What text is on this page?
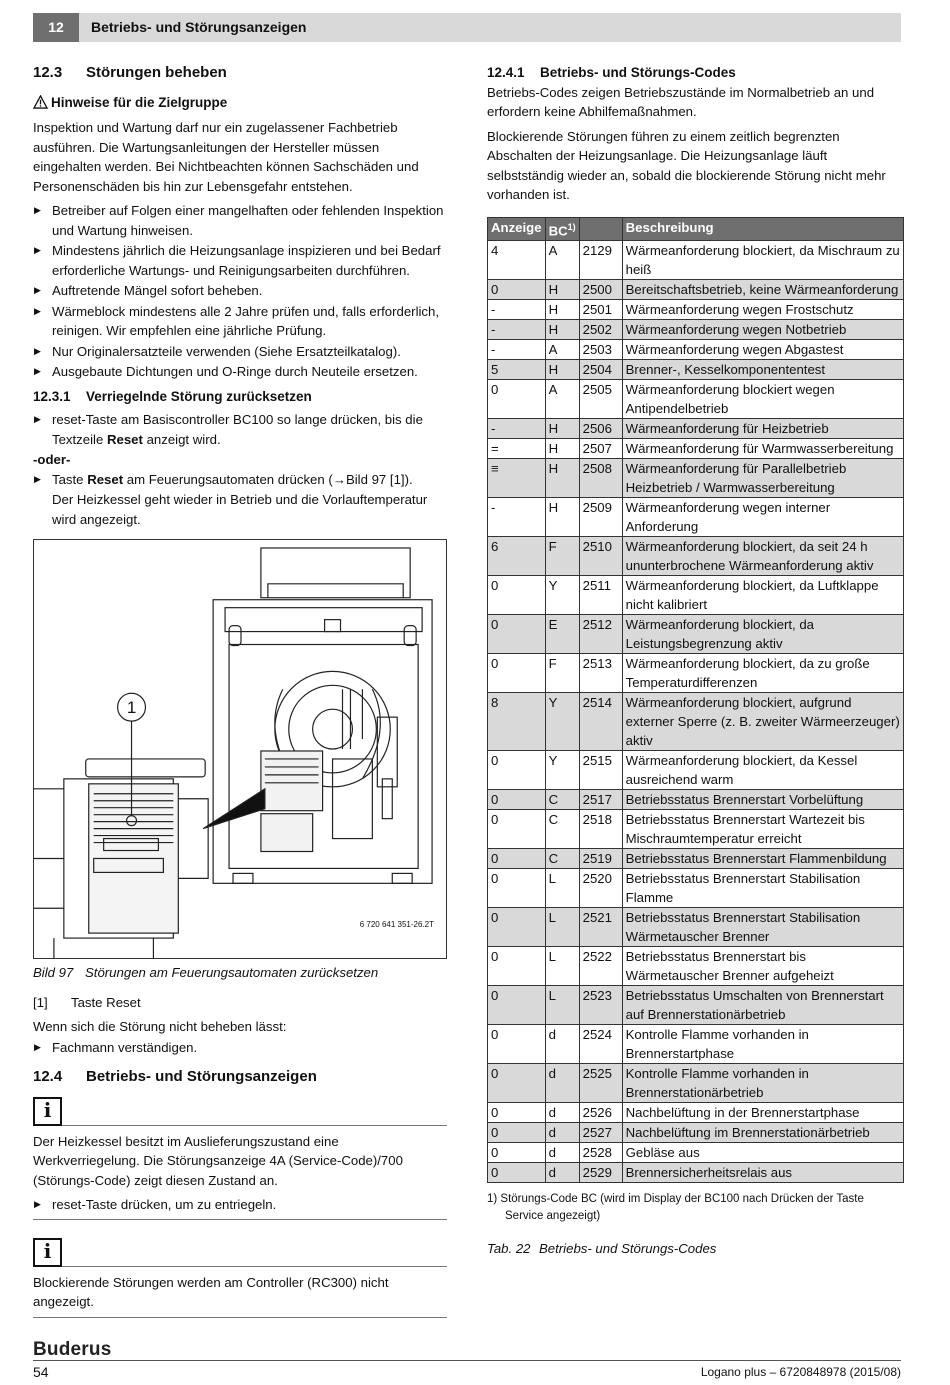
12	Betriebs- und Störungsanzeigen
12.3 Störungen beheben
Hinweise für die Zielgruppe

Inspektion und Wartung darf nur ein zugelassener Fachbetrieb ausführen. Die Wartungsanleitungen der Hersteller müssen eingehalten werden. Bei Nichtbeachten können Sachschäden und Personenschäden bis hin zur Lebensgefahr entstehen.

▶ Betreiber auf Folgen einer mangelhaften oder fehlenden Inspektion und Wartung hinweisen.
▶ Mindestens jährlich die Heizungsanlage inspizieren und bei Bedarf erforderliche Wartungs- und Reinigungsarbeiten durchführen.
▶ Auftretende Mängel sofort beheben.
▶ Wärmeblock mindestens alle 2 Jahre prüfen und, falls erforderlich, reinigen. Wir empfehlen eine jährliche Prüfung.
▶ Nur Originalersatzteile verwenden (Siehe Ersatzteilkatalog).
▶ Ausgebaute Dichtungen und O-Ringe durch Neuteile ersetzen.
12.3.1 Verriegelnde Störung zurücksetzen
▶ reset-Taste am Basiscontroller BC100 so lange drücken, bis die Textzeile Reset anzeigt wird.
-oder-
▶ Taste Reset am Feuerungsautomaten drücken (→Bild 97 [1]).
Der Heizkessel geht wieder in Betrieb und die Vorlauftemperatur wird angezeigt.
1
6 720 641 351-26.2T
Bild 97 Störungen am Feuerungsautomaten zurücksetzen
[1] Taste Reset

Wenn sich die Störung nicht beheben lässt:

▶ Fachmann verständigen.
12.4 Betriebs- und Störungsanzeigen
i

Der Heizkessel besitzt im Auslieferungszustand eine Werkverriegelung. Die Störungsanzeige 4A (Service-Code)/700 (Störungs-Code) zeigt diesen Zustand an.

▶ reset-Taste drücken, um zu entriegeln.
i

Blockierende Störungen werden am Controller (RC300) nicht angezeigt.

12.4.1 Betriebs- und Störungs-Codes

Betriebs-Codes zeigen Betriebszustände im Normalbetrieb an und erfordern keine Abhilfemaßnahmen.

Blockierende Störungen führen zu einem zeitlich begrenzten Abschalten der Heizungsanlage. Die Heizungsanlage läuft selbstständig wieder an, sobald die blockierende Störung nicht mehr vorhanden ist.

Anzeige	BC$^{1)}$		Beschreibung
4	A	2129	Wärmeanforderung blockiert, da Mischraum zu heiß
0	H	2500	Bereitschaftsbetrieb, keine Wärmeanforderung
-	H	2501	Wärmeanforderung wegen Frostschutz
-	H	2502	Wärmeanforderung wegen Notbetrieb
-	A	2503	Wärmeanforderung wegen Abgastest
5	H	2504	Brenner-, Kesselkomponententest
0	A	2505	Wärmeanforderung blockiert wegen Antipendelbetrieb
-	H	2506	Wärmeanforderung für Heizbetrieb
=	H	2507	Wärmeanforderung für Warmwasserbereitung
≡	H	2508	Wärmeanforderung für Parallelbetrieb Heizbetrieb / Warmwasserbereitung
-	H	2509	Wärmeanforderung wegen interner Anforderung
6	F	2510	Wärmeanforderung blockiert, da seit 24 h ununterbrochene Wärmeanforderung aktiv
0	Y	2511	Wärmeanforderung blockiert, da Luftklappe nicht kalibriert
0	E	2512	Wärmeanforderung blockiert, da Leistungsbegrenzung aktiv
0	F	2513	Wärmeanforderung blockiert, da zu große Temperaturdifferenzen
8	Y	2514	Wärmeanforderung blockiert, aufgrund externer Sperre (z. B. zweiter Wärmeerzeuger) aktiv
0	Y	2515	Wärmeanforderung blockiert, da Kessel ausreichend warm
0	C	2517	Betriebsstatus Brennerstart Vorbelüftung
0	C	2518	Betriebsstatus Brennerstart Wartezeit bis Mischraumtemperatur erreicht
0	C	2519	Betriebsstatus Brennerstart Flammenbildung
0	L	2520	Betriebsstatus Brennerstart Stabilisation Flamme
0	L	2521	Betriebsstatus Brennerstart Stabilisation Wärmetauscher Brenner
0	L	2522	Betriebsstatus Brennerstart bis Wärmetauscher Brenner aufgeheizt
0	L	2523	Betriebsstatus Umschalten von Brennerstart auf Brennerstationärbetrieb
0	d	2524	Kontrolle Flamme vorhanden in Brennerstartphase
0	d	2525	Kontrolle Flamme vorhanden in Brennerstationärbetrieb
0	d	2526	Nachbelüftung in der Brennerstartphase
0	d	2527	Nachbelüftung im Brennerstationärbetrieb
0	d	2528	Gebläse aus
0	d	2529	Brennersicherheitsrelais aus
1) Störungs-Code BC (wird im Display der BC100 nach Drücken der Taste Service angezeigt)
Tab. 22 Betriebs- und Störungs-Codes
Buderus
54	Logano plus – 6720848978 (2015/08)
